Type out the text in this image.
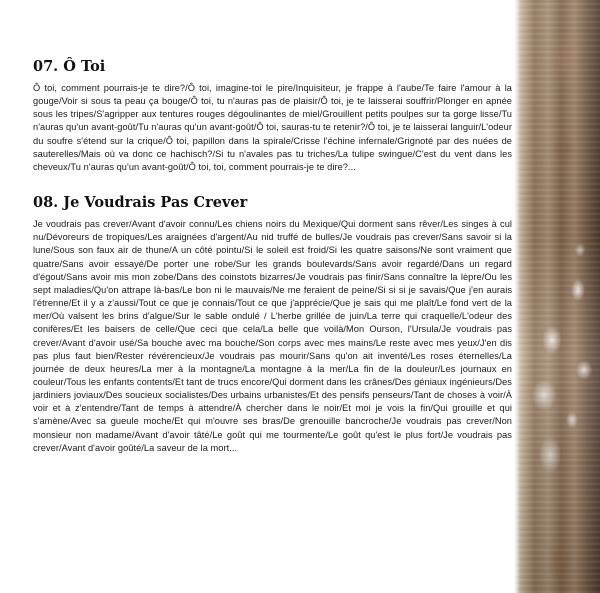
07. Ô Toi

Ô toi, comment pourrais-je te dire?/Ô toi, imagine-toi le pire/Inquisiteur, je frappe à l'aube/Te faire l'amour à la gouge/Voir si sous ta peau ça bouge/Ô toi, tu n'auras pas de plaisir/Ô toi, je te laisserai souffrir/Plonger en apnée sous les tripes/S'agripper aux tentures rouges dégoulinantes de miel/Grouillent petits poulpes sur ta gorge lisse/Tu n'auras qu'un avant-goût/Tu n'auras qu'un avant-goût/Ô toi, sauras-tu te retenir?/Ô toi, je te laisserai languir/L'odeur du soufre s'étend sur la crique/Ô toi, papillon dans la spirale/Crisse l'échine infernale/Grignoté par des nuées de sauterelles/Mais où va donc ce hachisch?/Si tu n'avales pas tu triches/La tulipe swingue/C'est du vent dans les cheveux/Tu n'auras qu'un avant-goût/Ô toi, toi, comment pourrais-je te dire?...

08. Je Voudrais Pas Crever

Je voudrais pas crever/Avant d'avoir connu/Les chiens noirs du Mexique/Qui dorment sans rêver/Les singes à cul nu/Dévoreurs de tropiques/Les araignées d'argent/Au nid truffé de bulles/Je voudrais pas crever/Sans savoir si la lune/Sous son faux air de thune/A un côté pointu/Si le soleil est froid/Si les quatre saisons/Ne sont vraiment que quatre/Sans avoir essayé/De porter une robe/Sur les grands boulevards/Sans avoir regardé/Dans un regard d'égout/Sans avoir mis mon zobe/Dans des coinstots bizarres/Je voudrais pas finir/Sans connaître la lèpre/Ou les sept maladies/Qu'on attrape là-bas/Le bon ni le mauvais/Ne me feraient de peine/Si si si je savais/Que j'en aurais l'étrenne/Et il y a z'aussi/Tout ce que je connais/Tout ce que j'apprécie/Que je sais qui me plaît/Le fond vert de la mer/Où valsent les brins d'algue/Sur le sable ondulé / L'herbe grillée de juin/La terre qui craquelle/L'odeur des conifères/Et les baisers de celle/Que ceci que cela/La belle que voilà/Mon Ourson, l'Ursula/Je voudrais pas crever/Avant d'avoir usé/Sa bouche avec ma bouche/Son corps avec mes mains/Le reste avec mes yeux/J'en dis pas plus faut bien/Rester révérencieux/Je voudrais pas mourir/Sans qu'on ait inventé/Les roses éternelles/La journée de deux heures/La mer à la montagne/La montagne à la mer/La fin de la douleur/Les journaux en couleur/Tous les enfants contents/Et tant de trucs encore/Qui dorment dans les crânes/Des géniaux ingénieurs/Des jardiniers joviaux/Des soucieux socialistes/Des urbains urbanistes/Et des pensifs penseurs/Tant de choses à voir/À voir et à z'entendre/Tant de temps à attendre/À chercher dans le noir/Et moi je vois la fin/Qui grouille et qui s'amène/Avec sa gueule moche/Et qui m'ouvre ses bras/De grenouille bancroche/Je voudrais pas crever/Non monsieur non madame/Avant d'avoir tâté/Le goût qui me tourmente/Le goût qu'est le plus fort/Je voudrais pas crever/Avant d'avoir goûté/La saveur de la mort...
